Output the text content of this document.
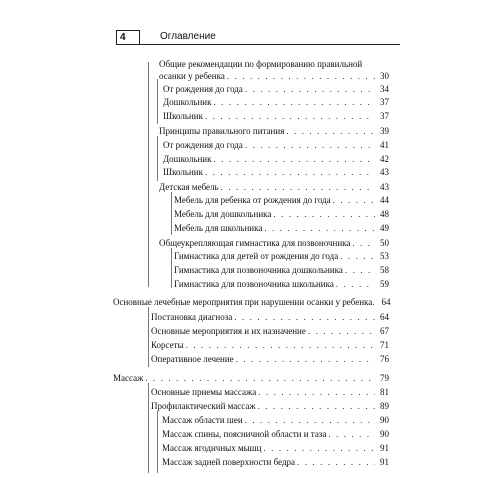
4	Оглавление
Общие рекомендации по формированию правильной
осанки у ребенка . . .	30
От рождения до года . . .	34
Дошкольник . . .	37
Школьник . . .	37
Принципы правильного питания . . .	39
От рождения до года . . .	41
Дошкольник . . .	42
Школьник . . .	43
Детская мебель . . .	43
Мебель для ребенка от рождения до года . . .	44
Мебель для дошкольника . . .	48
Мебель для школьника . . .	49
Общеукрепляющая гимнастика для позвоночника . . .	50
Гимнастика для детей от рождения до года . . .	53
Гимнастика для позвоночника дошкольника . . .	58
Гимнастика для позвоночника школьника . . .	59
Основные лечебные мероприятия при нарушении осанки у ребенка. 64
Постановка диагноза . . .	64
Основные мероприятия и их назначение . . .	67
Корсеты . . .	71
Оперативное лечение . . .	76
Массаж . . .	79
Основные приемы массажа . . .	81
Профилактический массаж . . .	89
Массаж области шеи . . .	90
Массаж спины, поясничной области и таза . . .	90
Массаж ягодичных мышц . . .	91
Массаж задней поверхности бедра . . .	91
